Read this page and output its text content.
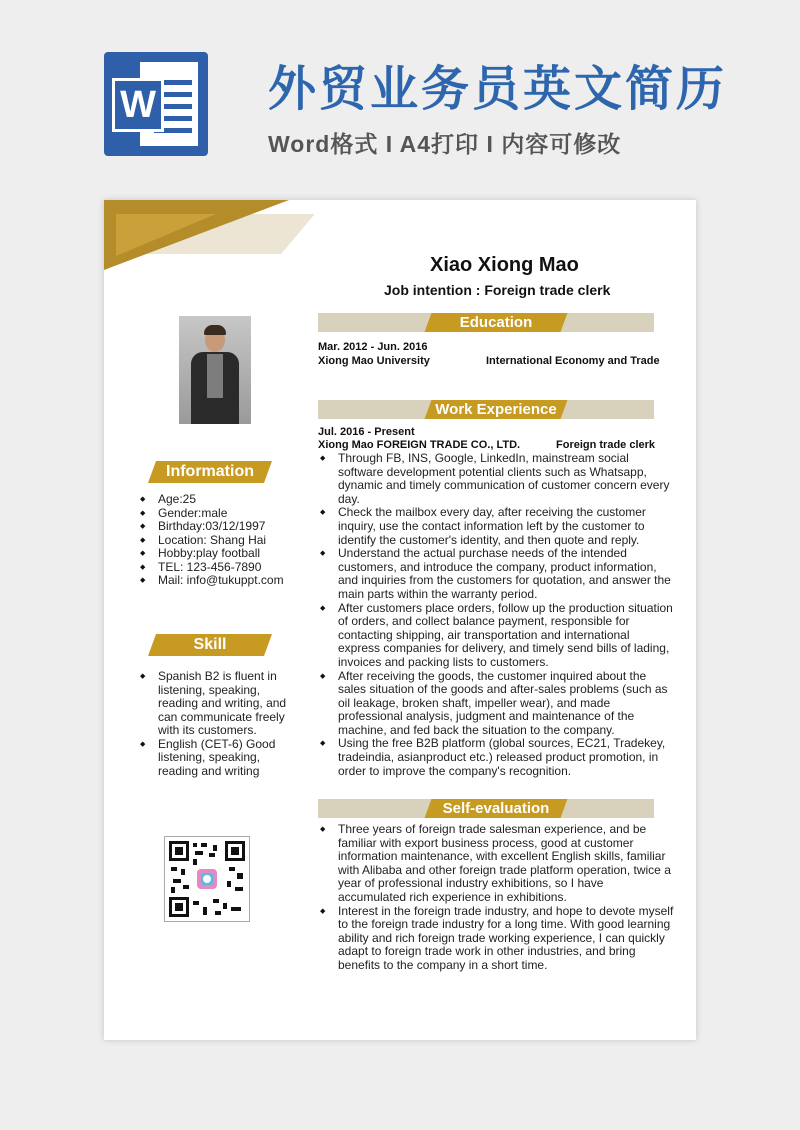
W 外贸业务员英文简历
Word格式 I A4打印 I 内容可修改
Xiao Xiong Mao
Job intention : Foreign trade clerk
Information
◆ Age:25
◆ Gender:male
◆ Birthday:03/12/1997
◆ Location: Shang Hai
◆ Hobby:play football
◆ TEL: 123-456-7890
◆ Mail: info@tukuppt.com
Skill
◆ Spanish B2 is fluent in listening, speaking, reading and writing, and can communicate freely with its customers.
◆ English (CET-6) Good listening, speaking, reading and writing
Education
Mar. 2012 - Jun. 2016
Xiong Mao University	International Economy and Trade
Work Experience
Jul. 2016 - Present
Xiong Mao FOREIGN TRADE CO., LTD.	Foreign trade clerk
◆ Through FB, INS, Google, LinkedIn, mainstream social software development potential clients such as Whatsapp, dynamic and timely communication of customer concern every day.
◆ Check the mailbox every day, after receiving the customer inquiry, use the contact information left by the customer to identify the customer's identity, and then quote and reply.
◆ Understand the actual purchase needs of the intended customers, and introduce the company, product information, and inquiries from the customers for quotation, and answer the main parts within the warranty period.
◆ After customers place orders, follow up the production situation of orders, and collect balance payment, responsible for contacting shipping, air transportation and international express companies for delivery, and timely send bills of lading, invoices and packing lists to customers.
◆ After receiving the goods, the customer inquired about the sales situation of the goods and after-sales problems (such as oil leakage, broken shaft, impeller wear), and made professional analysis, judgment and maintenance of the machine, and fed back the situation to the company.
◆ Using the free B2B platform (global sources, EC21, Tradekey, tradeindia, asianproduct etc.) released product promotion, in order to improve the company's recognition.
Self-evaluation
◆ Three years of foreign trade salesman experience, and be familiar with export business process, good at customer information maintenance, with excellent English skills, familiar with Alibaba and other foreign trade platform operation, twice a year of professional industry exhibitions, so I have accumulated rich experience in exhibitions.
◆ Interest in the foreign trade industry, and hope to devote myself to the foreign trade industry for a long time. With good learning ability and rich foreign trade working experience, I can quickly adapt to foreign trade work in other industries, and bring benefits to the company in a short time.
